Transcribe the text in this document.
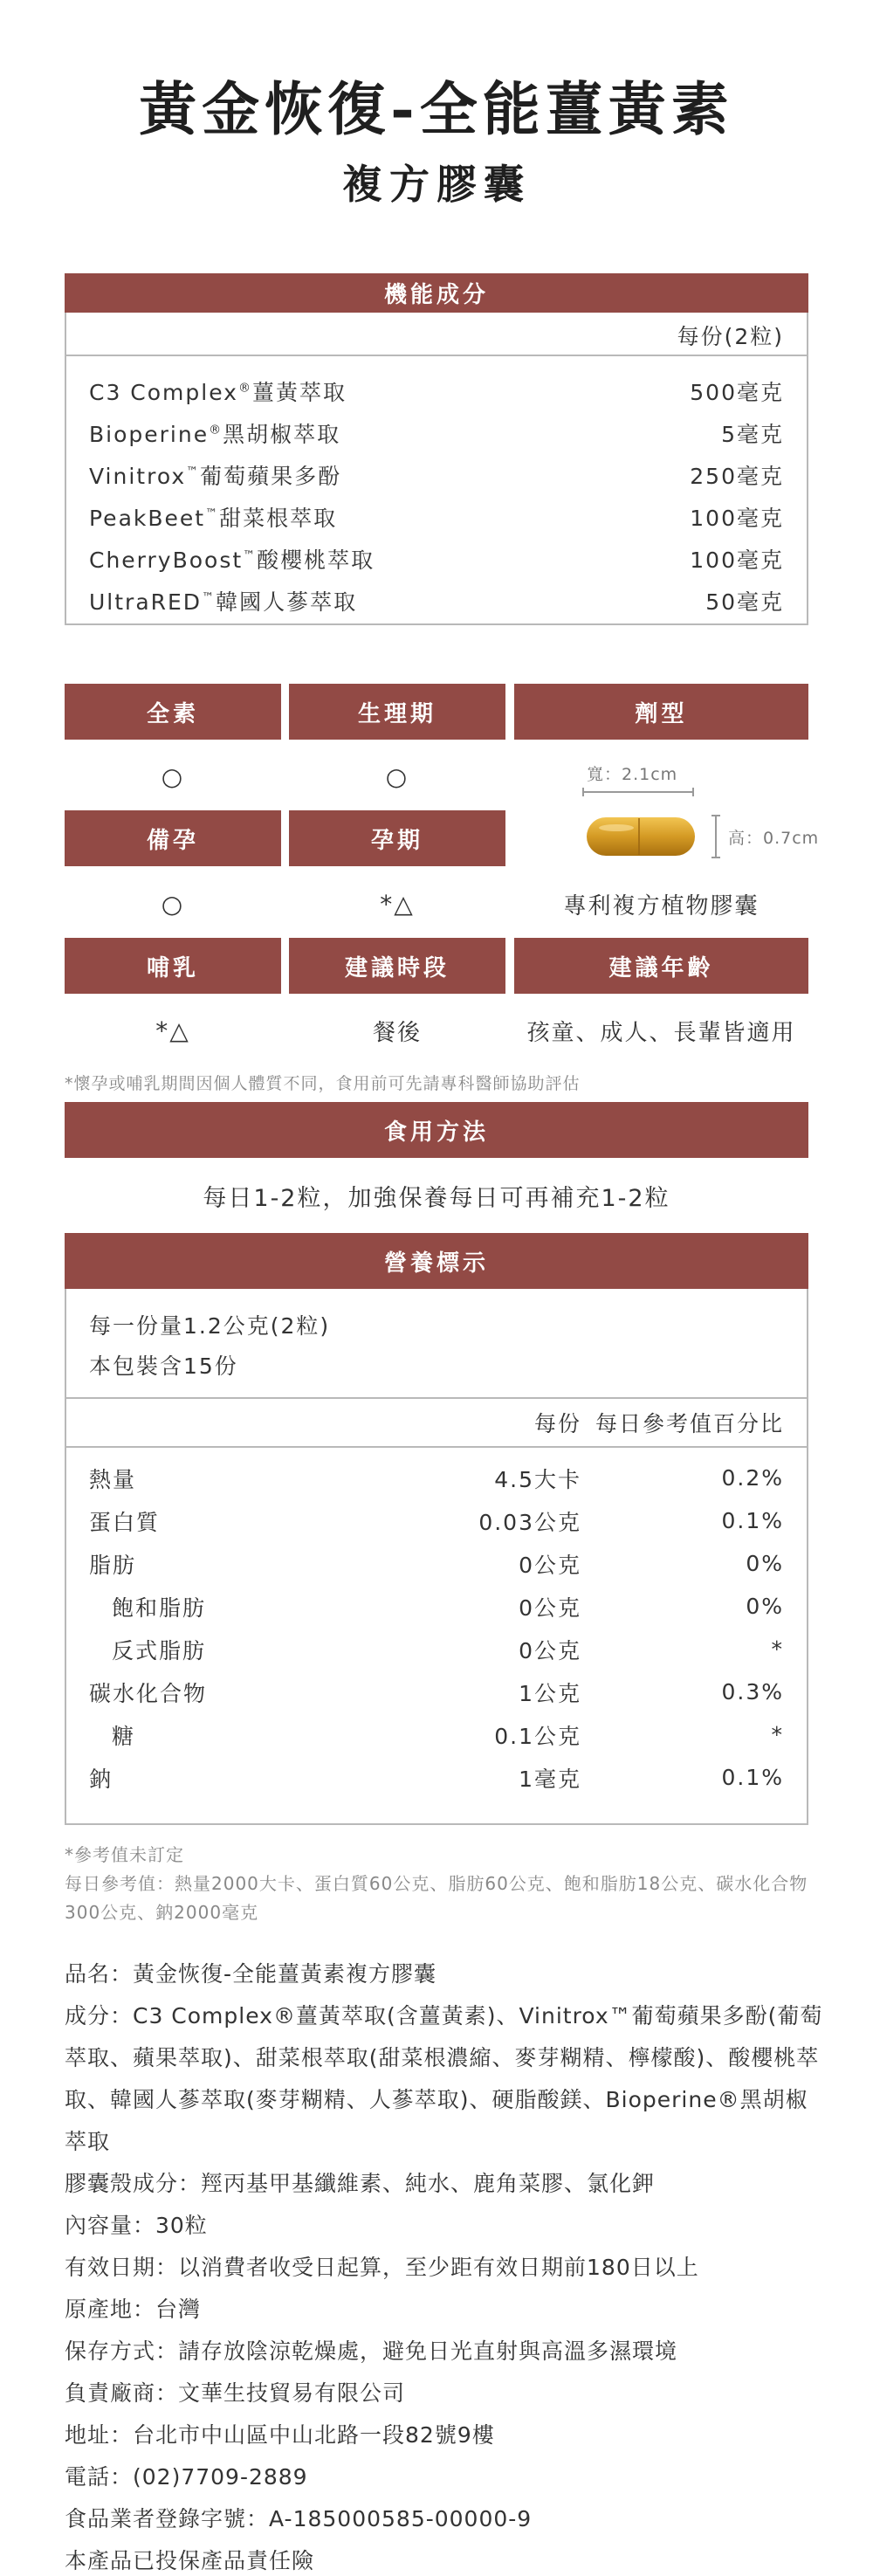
黃金恢復-全能薑黃素
複方膠囊
機能成分
每份(2粒)
C3 Complex®薑黃萃取	500毫克
Bioperine®黑胡椒萃取	5毫克
Vinitrox™葡萄蘋果多酚	250毫克
PeakBeet™甜菜根萃取	100毫克
CherryBoost™酸櫻桃萃取	100毫克
UltraRED™韓國人蔘萃取	50毫克
全素	生理期	劑型
○	○	寬：2.1cm
高：0.7cm
備孕	孕期
○	*△	專利複方植物膠囊
哺乳	建議時段	建議年齡
*△	餐後	孩童、成人、長輩皆適用
*懷孕或哺乳期間因個人體質不同，食用前可先請專科醫師協助評估
食用方法
每日1-2粒，加強保養每日可再補充1-2粒
營養標示
每一份量1.2公克(2粒)
本包裝含15份
每份 每日參考值百分比
熱量	4.5大卡	0.2%
蛋白質	0.03公克	0.1%
脂肪	0公克	0%
飽和脂肪	0公克	0%
反式脂肪	0公克	*
碳水化合物	1公克	0.3%
糖	0.1公克	*
鈉	1毫克	0.1%
*參考值未訂定
每日參考值：熱量2000大卡、蛋白質60公克、脂肪60公克、飽和脂肪18公克、碳水化合物300公克、鈉2000毫克

品名：黃金恢復-全能薑黃素複方膠囊

成分：C3 Complex®薑黃萃取(含薑黃素)、Vinitrox™葡萄蘋果多酚(葡萄萃取、蘋果萃取)、甜菜根萃取(甜菜根濃縮、麥芽糊精、檸檬酸)、酸櫻桃萃取、韓國人蔘萃取(麥芽糊精、人蔘萃取)、硬脂酸鎂、Bioperine®黑胡椒萃取

膠囊殼成分：羥丙基甲基纖維素、純水、鹿角菜膠、氯化鉀

內容量：30粒

有效日期：以消費者收受日起算，至少距有效日期前180日以上

原產地：台灣

保存方式：請存放陰涼乾燥處，避免日光直射與高溫多濕環境

負責廠商：文華生技貿易有限公司

地址：台北市中山區中山北路一段82號9樓

電話：(02)7709-2889

食品業者登錄字號：A-185000585-00000-9

本產品已投保產品責任險
